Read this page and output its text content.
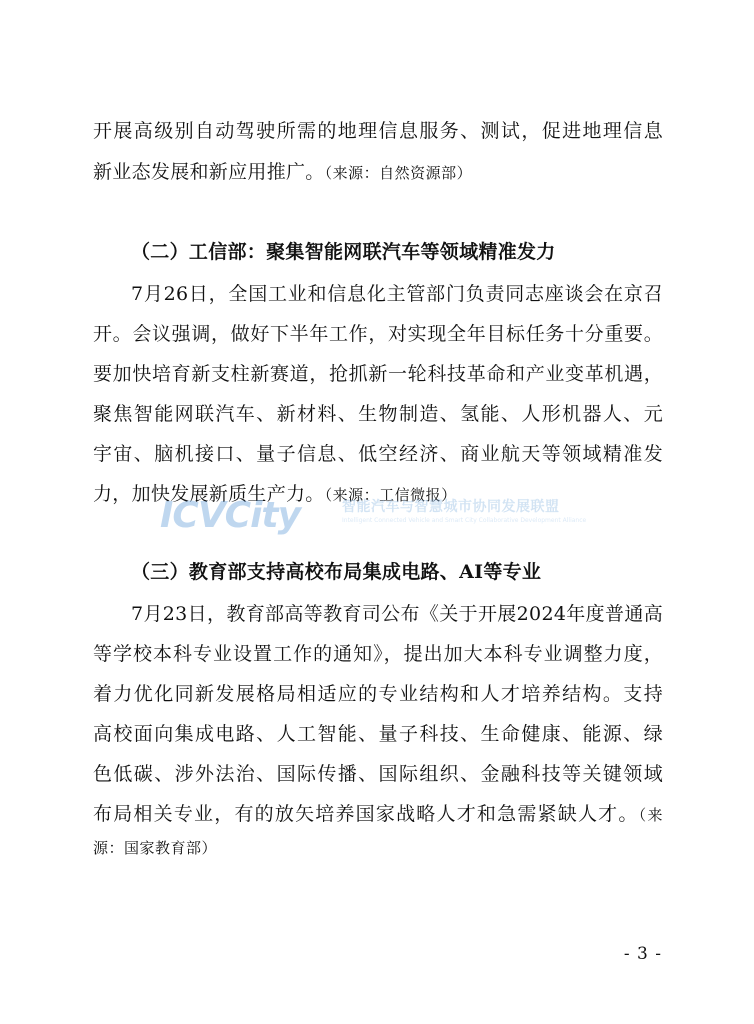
开展高级别自动驾驶所需的地理信息服务、测试，促进地理信息
新业态发展和新应用推广。（来源：自然资源部）
（二）工信部：聚集智能网联汽车等领域精准发力
7月26日，全国工业和信息化主管部门负责同志座谈会在京召
开。会议强调，做好下半年工作，对实现全年目标任务十分重要。
要加快培育新支柱新赛道，抢抓新一轮科技革命和产业变革机遇，
聚焦智能网联汽车、新材料、生物制造、氢能、人形机器人、元
宇宙、脑机接口、量子信息、低空经济、商业航天等领域精准发
力，加快发展新质生产力。（来源：工信微报）
ICVCity	智能汽车与智慧城市协同发展联盟
Intelligent Connected Vehicle and Smart City Collaborative Development Alliance
（三）教育部支持高校布局集成电路、AI等专业
7月23日，教育部高等教育司公布《关于开展2024年度普通高
等学校本科专业设置工作的通知》，提出加大本科专业调整力度，
着力优化同新发展格局相适应的专业结构和人才培养结构。支持
高校面向集成电路、人工智能、量子科技、生命健康、能源、绿
色低碳、涉外法治、国际传播、国际组织、金融科技等关键领域
布局相关专业，有的放矢培养国家战略人才和急需紧缺人才。（来
源：国家教育部）
- 3 -
